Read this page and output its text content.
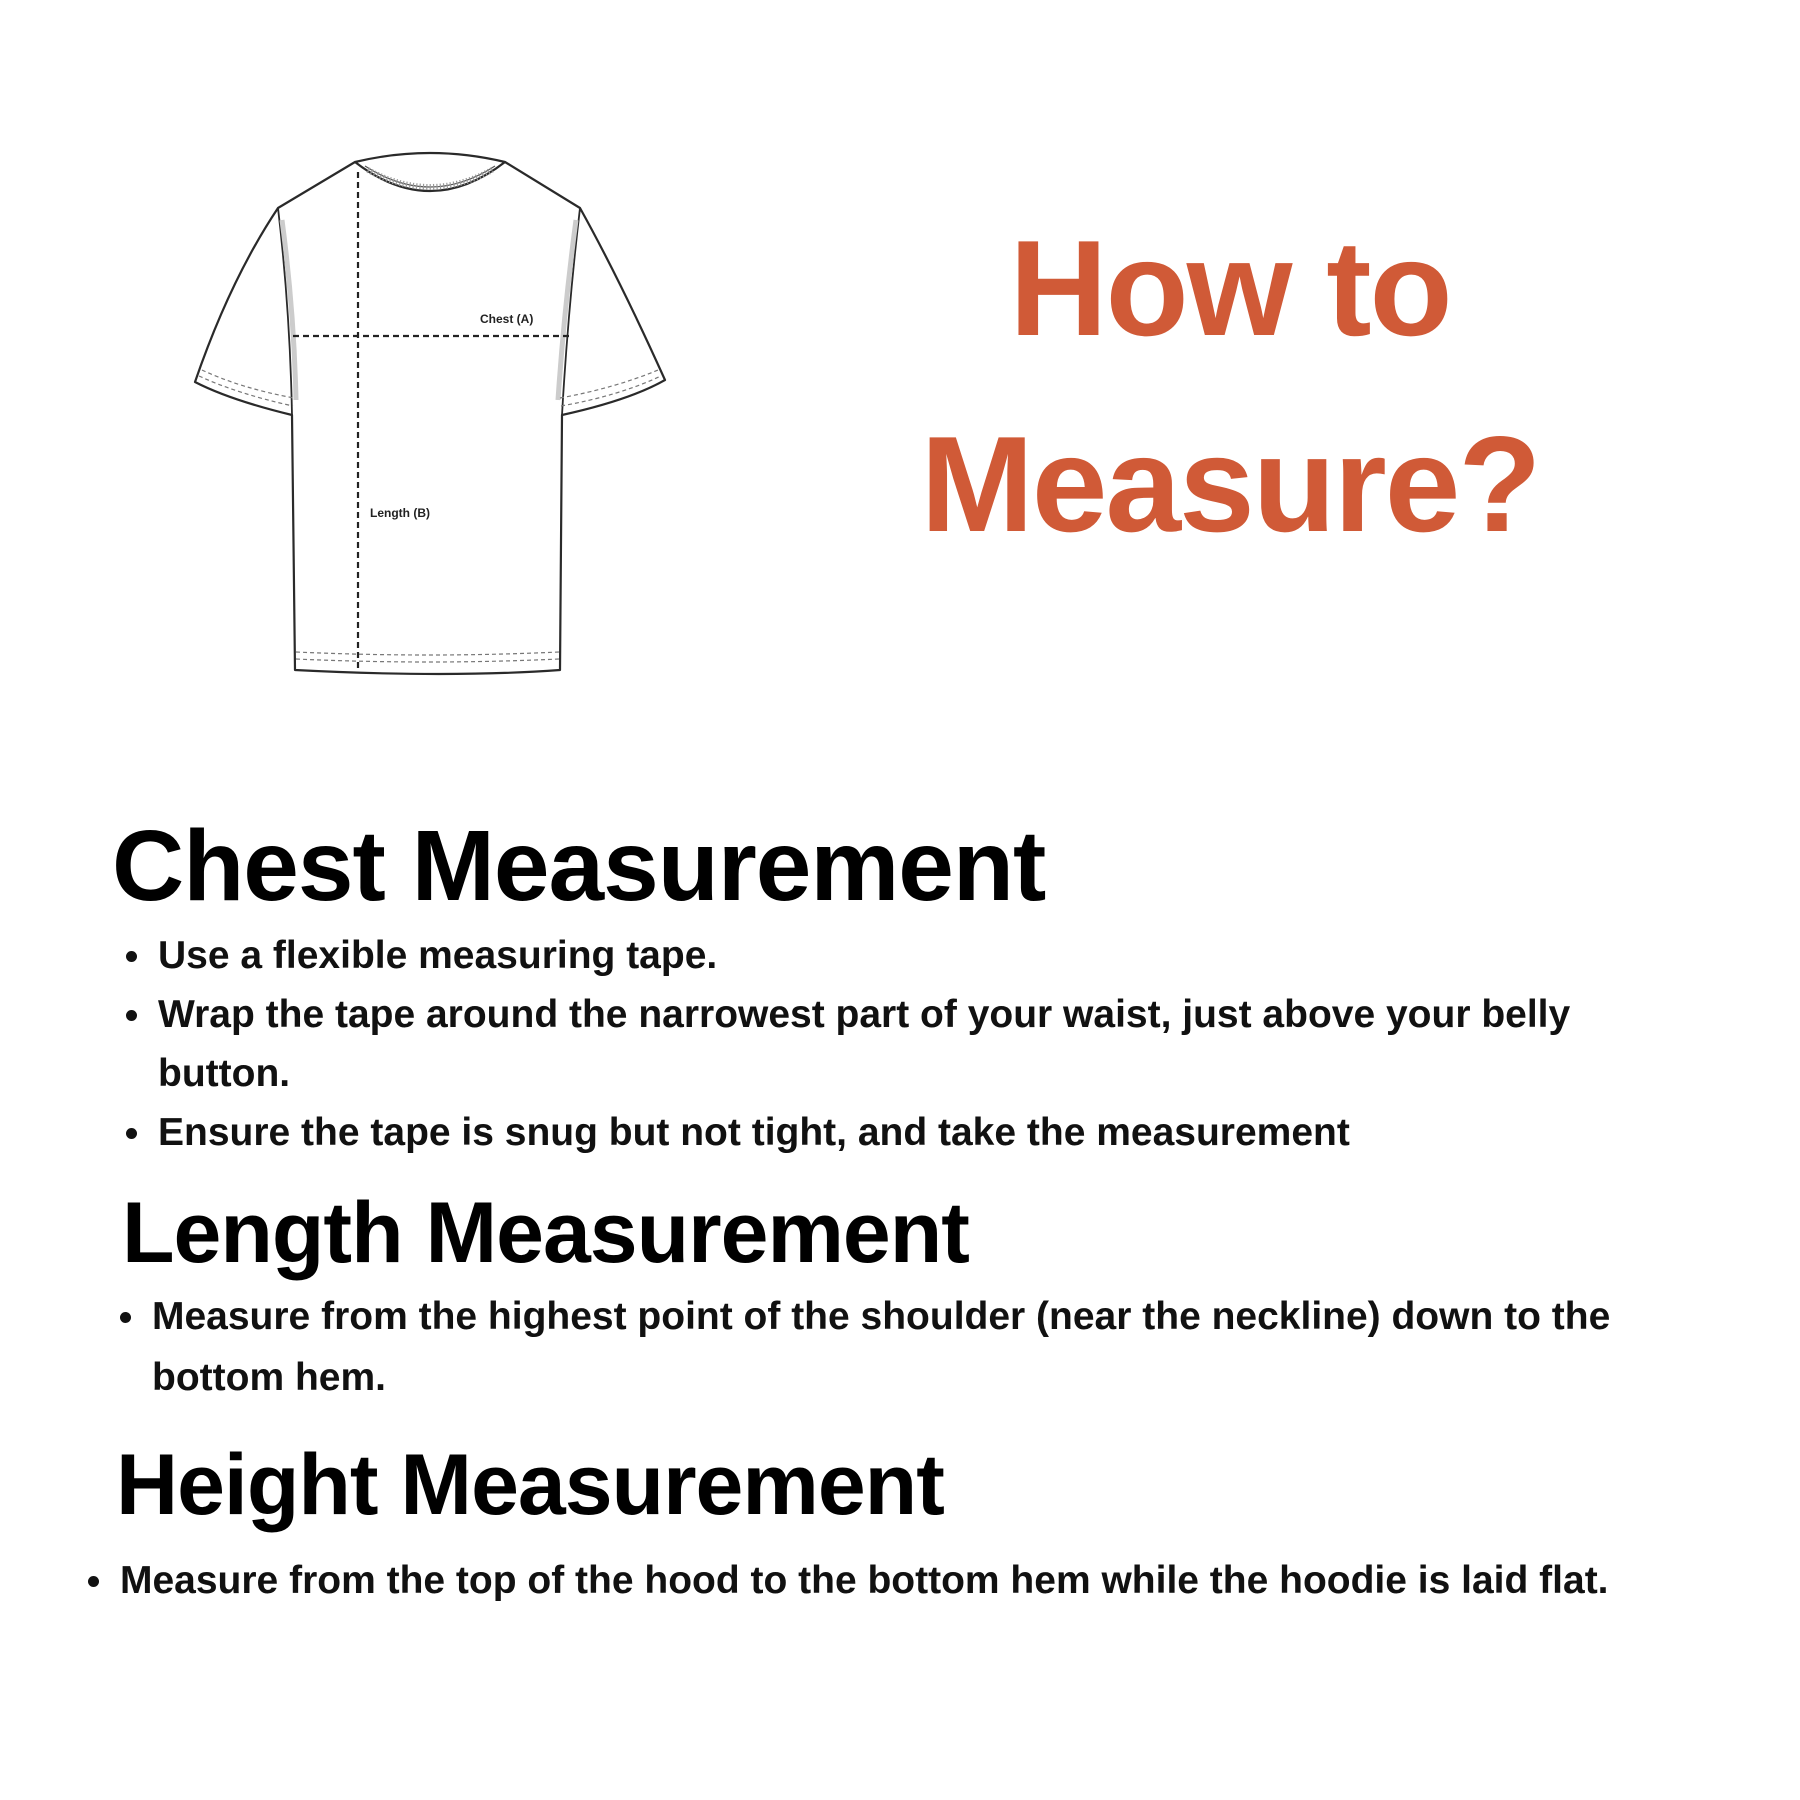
Chest (A)
Length (B)
How to
Measure?
Chest Measurement
Use a flexible measuring tape.
Wrap the tape around the narrowest part of your waist, just above your belly button.
Ensure the tape is snug but not tight, and take the measurement
Length Measurement
Measure from the highest point of the shoulder (near the neckline) down to the bottom hem.
Height Measurement
Measure from the top of the hood to the bottom hem while the hoodie is laid flat.
